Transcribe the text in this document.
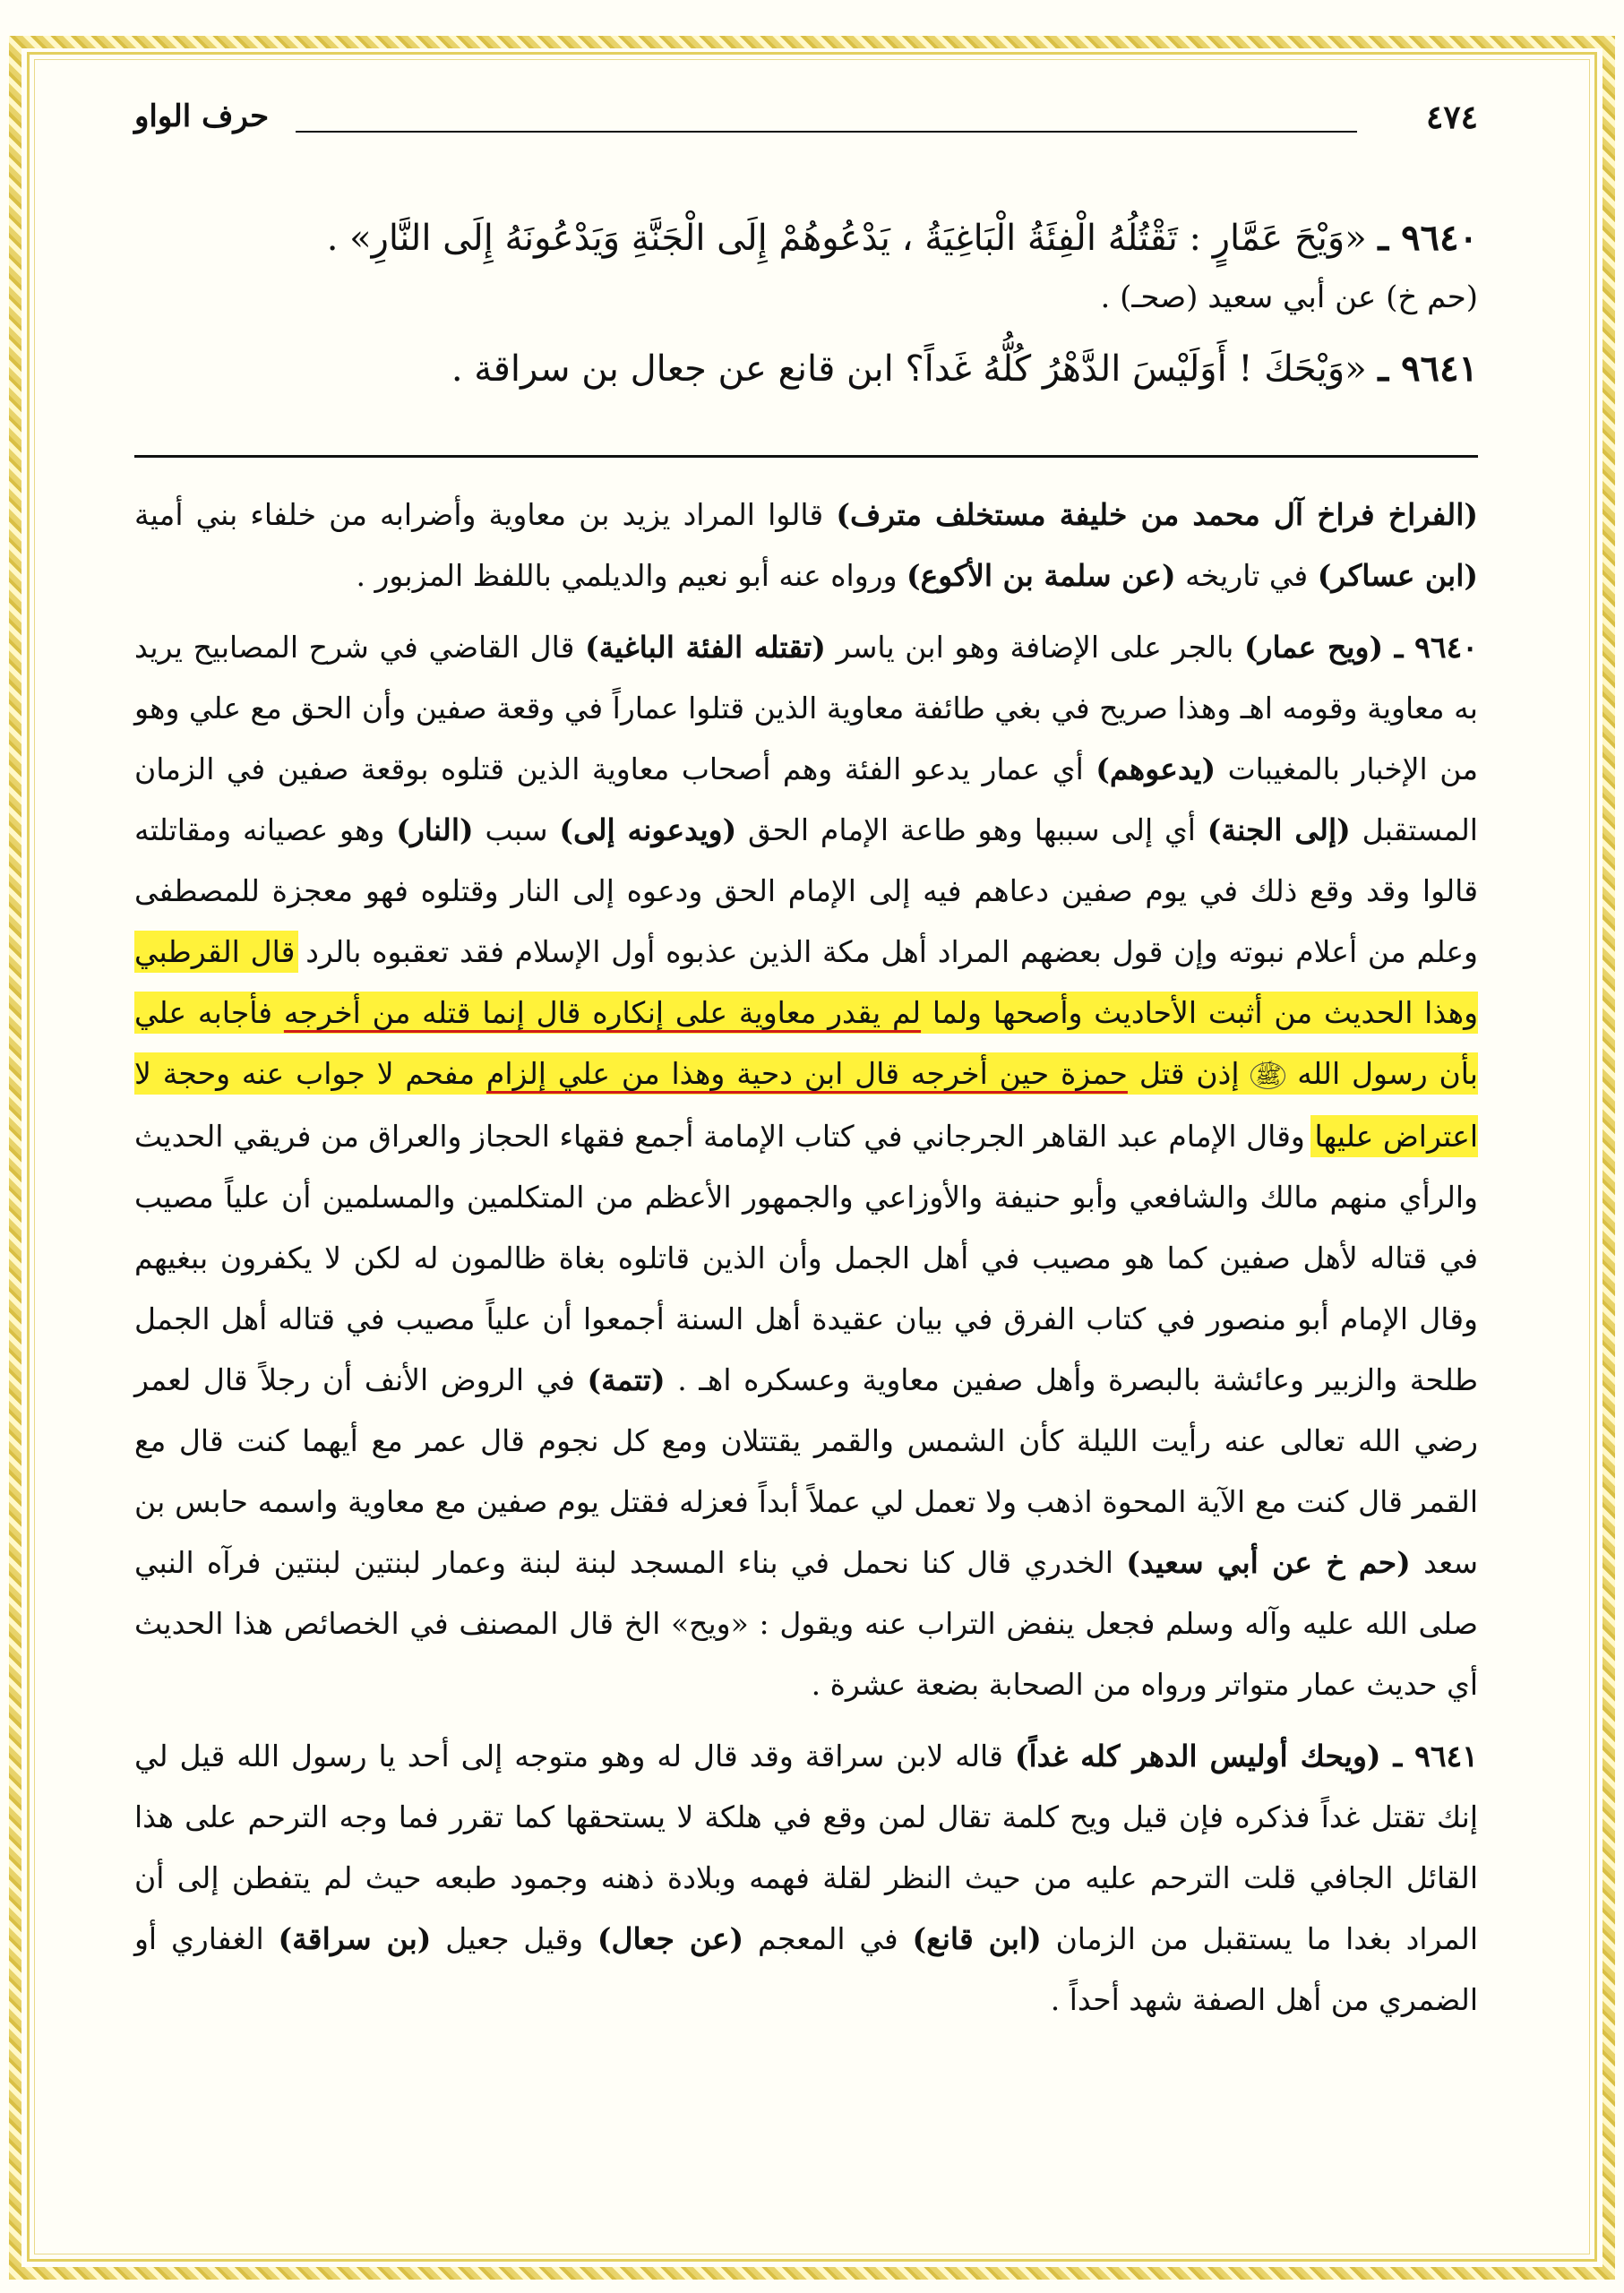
٤٧٤
حرف الواو

٩٦٤٠ ـ «وَيْحَ عَمَّارٍ : تَقْتُلُهُ الْفِئَةُ الْبَاغِيَةُ ، يَدْعُوهُمْ إِلَى الْجَنَّةِ وَيَدْعُونَهُ إِلَى النَّارِ» .

(حم خ) عن أبي سعيد (صحـ) .

٩٦٤١ ـ «وَيْحَكَ ! أَوَلَيْسَ الدَّهْرُ كُلُّهُ غَداً؟ ابن قانع عن جعال بن سراقة .

(الفراخ فراخ آل محمد من خليفة مستخلف مترف) قالوا المراد يزيد بن معاوية وأضرابه من خلفاء بني أمية (ابن عساكر) في تاريخه (عن سلمة بن الأكوع) ورواه عنه أبو نعيم والديلمي باللفظ المزبور .

٩٦٤٠ ـ (ويح عمار) بالجر على الإضافة وهو ابن ياسر (تقتله الفئة الباغية) قال القاضي في شرح المصابيح يريد به معاوية وقومه اهـ وهذا صريح في بغي طائفة معاوية الذين قتلوا عماراً في وقعة صفين وأن الحق مع علي وهو من الإخبار بالمغيبات (يدعوهم) أي عمار يدعو الفئة وهم أصحاب معاوية الذين قتلوه بوقعة صفين في الزمان المستقبل (إلى الجنة) أي إلى سببها وهو طاعة الإمام الحق (ويدعونه إلى) سبب (النار) وهو عصيانه ومقاتلته قالوا وقد وقع ذلك في يوم صفين دعاهم فيه إلى الإمام الحق ودعوه إلى النار وقتلوه فهو معجزة للمصطفى وعلم من أعلام نبوته وإن قول بعضهم المراد أهل مكة الذين عذبوه أول الإسلام فقد تعقبوه بالرد قال القرطبي وهذا الحديث من أثبت الأحاديث وأصحها ولما لم يقدر معاوية على إنكاره قال إنما قتله من أخرجه فأجابه علي بأن رسول الله ﷺ إذن قتل حمزة حين أخرجه قال ابن دحية وهذا من علي إلزام مفحم لا جواب عنه وحجة لا اعتراض عليها وقال الإمام عبد القاهر الجرجاني في كتاب الإمامة أجمع فقهاء الحجاز والعراق من فريقي الحديث والرأي منهم مالك والشافعي وأبو حنيفة والأوزاعي والجمهور الأعظم من المتكلمين والمسلمين أن علياً مصيب في قتاله لأهل صفين كما هو مصيب في أهل الجمل وأن الذين قاتلوه بغاة ظالمون له لكن لا يكفرون ببغيهم وقال الإمام أبو منصور في كتاب الفرق في بيان عقيدة أهل السنة أجمعوا أن علياً مصيب في قتاله أهل الجمل طلحة والزبير وعائشة بالبصرة وأهل صفين معاوية وعسكره اهـ . (تتمة) في الروض الأنف أن رجلاً قال لعمر رضي الله تعالى عنه رأيت الليلة كأن الشمس والقمر يقتتلان ومع كل نجوم قال عمر مع أيهما كنت قال مع القمر قال كنت مع الآية المحوة اذهب ولا تعمل لي عملاً أبداً فعزله فقتل يوم صفين مع معاوية واسمه حابس بن سعد (حم خ عن أبي سعيد) الخدري قال كنا نحمل في بناء المسجد لبنة لبنة وعمار لبنتين لبنتين فرآه النبي صلى الله عليه وآله وسلم فجعل ينفض التراب عنه ويقول : «ويح» الخ قال المصنف في الخصائص هذا الحديث أي حديث عمار متواتر ورواه من الصحابة بضعة عشرة .

٩٦٤١ ـ (ويحك أوليس الدهر كله غداً) قاله لابن سراقة وقد قال له وهو متوجه إلى أحد يا رسول الله قيل لي إنك تقتل غداً فذكره فإن قيل ويح كلمة تقال لمن وقع في هلكة لا يستحقها كما تقرر فما وجه الترحم على هذا القائل الجافي قلت الترحم عليه من حيث النظر لقلة فهمه وبلادة ذهنه وجمود طبعه حيث لم يتفطن إلى أن المراد بغدا ما يستقبل من الزمان (ابن قانع) في المعجم (عن جعال) وقيل جعيل (بن سراقة) الغفاري أو الضمري من أهل الصفة شهد أحداً .
